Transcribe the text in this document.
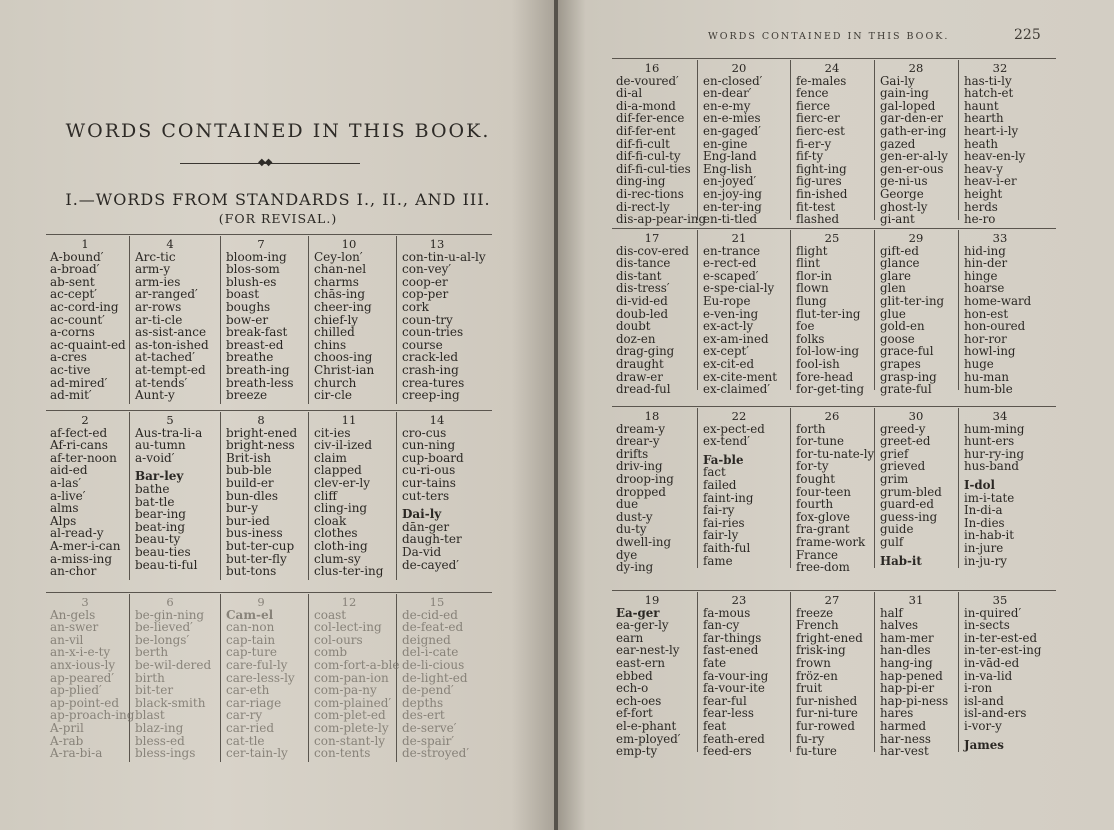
WORDS CONTAINED IN THIS BOOK.
◆◆
I.—WORDS FROM STANDARDS I., II., AND III.
(FOR REVISAL.)
1
A-bound′
a-broad′
ab-sent
ac-cept′
ac-cord-ing
ac-count′
a-corns
ac-quaint-ed
a-cres
ac-tive
ad-mired′
ad-mit′
4
Arc-tic
arm-y
arm-ies
ar-ranged′
ar-rows
ar-ti-cle
as-sist-ance
as-ton-ished
at-tached′
at-tempt-ed
at-tends′
Aunt-y
7
bloom-ing
blos-som
blush-es
boast
boughs
bow-er
break-fast
breast-ed
breathe
breath-ing
breath-less
breeze
10
Cey-lon′
chan-nel
charms
chās-ing
cheer-ing
chief-ly
chilled
chins
choos-ing
Christ-ian
church
cir-cle
13
con-tin-u-al-ly
con-vey′
coop-er
cop-per
cork
coun-try
coun-tries
course
crack-led
crash-ing
crea-tures
creep-ing
2
af-fect-ed
Af-ri-cans
af-ter-noon
aid-ed
a-las′
a-live′
alms
Alps
al-read-y
A-mer-i-can
a-miss-ing
an-chor
5
Aus-tra-li-a
au-tumn
a-void′
Bar-ley
bathe
bat-tle
bear-ing
beat-ing
beau-ty
beau-ties
beau-ti-ful
8
bright-ened
bright-ness
Brit-ish
bub-ble
build-er
bun-dles
bur-y
bur-ied
bus-iness
but-ter-cup
but-ter-fly
but-tons
11
cit-ies
civ-il-ized
claim
clapped
clev-er-ly
cliff
cling-ing
cloak
clothes
cloth-ing
clum-sy
clus-ter-ing
14
cro-cus
cun-ning
cup-board
cu-ri-ous
cur-tains
cut-ters
Dai-ly
dān-ger
daugh-ter
Da-vid
de-cayed′
3
An-gels
an-swer
an-vil
an-x-i-e-ty
anx-ious-ly
ap-peared′
ap-plied′
ap-point-ed
ap-proach-ing
A-pril
A-rab
A-ra-bi-a
6
be-gin-ning
be-lieved′
be-longs′
berth
be-wil-dered
birth
bit-ter
black-smith
blast
blaz-ing
bless-ed
bless-ings
9
Cam-el
can-non
cap-tain
cap-ture
care-ful-ly
care-less-ly
car-eth
car-riage
car-ry
car-ried
cat-tle
cer-tain-ly
12
coast
col-lect-ing
col-ours
comb
com-fort-a-ble
com-pan-ion
com-pa-ny
com-plained′
com-plet-ed
com-plete-ly
con-stant-ly
con-tents
15
de-cid-ed
de-feat-ed
deigned
del-i-cate
de-li-cious
de-light-ed
de-pend′
depths
des-ert
de-serve′
de-spair′
de-stroyed′
WORDS CONTAINED IN THIS BOOK.	225
16
de-voured′
di-al
di-a-mond
dif-fer-ence
dif-fer-ent
dif-fi-cult
dif-fi-cul-ty
dif-fi-cul-ties
ding-ing
di-rec-tions
di-rect-ly
dis-ap-pear-ing
20
en-closed′
en-dear′
en-e-my
en-e-mies
en-gaged′
en-gine
Eng-land
Eng-lish
en-joyed′
en-joy-ing
en-ter-ing
en-ti-tled
24
fe-males
fence
fierce
fierc-er
fierc-est
fi-er-y
fif-ty
fight-ing
fig-ures
fin-ished
fit-test
flashed
28
Gai-ly
gain-ing
gal-loped
gar-den-er
gath-er-ing
gazed
gen-er-al-ly
gen-er-ous
ge-ni-us
George
ghost-ly
gi-ant
32
has-ti-ly
hatch-et
haunt
hearth
heart-i-ly
heath
heav-en-ly
heav-y
heav-i-er
height
herds
he-ro
17
dis-cov-ered
dis-tance
dis-tant
dis-tress′
di-vid-ed
doub-led
doubt
doz-en
drag-ging
draught
draw-er
dread-ful
21
en-trance
e-rect-ed
e-scaped′
e-spe-cial-ly
Eu-rope
e-ven-ing
ex-act-ly
ex-am-ined
ex-cept′
ex-cit-ed
ex-cite-ment
ex-claimed′
25
flight
flint
flor-in
flown
flung
flut-ter-ing
foe
folks
fol-low-ing
fool-ish
fore-head
for-get-ting
29
gift-ed
glance
glare
glen
glit-ter-ing
glue
gold-en
goose
grace-ful
grapes
grasp-ing
grate-ful
33
hid-ing
hin-der
hinge
hoarse
home-ward
hon-est
hon-oured
hor-ror
howl-ing
huge
hu-man
hum-ble
18
dream-y
drear-y
drifts
driv-ing
droop-ing
dropped
due
dust-y
du-ty
dwell-ing
dye
dy-ing
22
ex-pect-ed
ex-tend′
Fa-ble
fact
failed
faint-ing
fai-ry
fai-ries
fair-ly
faith-ful
fame
26
forth
for-tune
for-tu-nate-ly
for-ty
fought
four-teen
fourth
fox-glove
fra-grant
frame-work
France
free-dom
30
greed-y
greet-ed
grief
grieved
grim
grum-bled
guard-ed
guess-ing
guide
gulf
Hab-it
34
hum-ming
hunt-ers
hur-ry-ing
hus-band
I-dol
im-i-tate
In-di-a
In-dies
in-hab-it
in-jure
in-ju-ry
19
Ea-ger
ea-ger-ly
earn
ear-nest-ly
east-ern
ebbed
ech-o
ech-oes
ef-fort
el-e-phant
em-ployed′
emp-ty
23
fa-mous
fan-cy
far-things
fast-ened
fate
fa-vour-ing
fa-vour-ite
fear-ful
fear-less
feat
feath-ered
feed-ers
27
freeze
French
fright-ened
frisk-ing
frown
fröz-en
fruit
fur-nished
fur-ni-ture
fur-rowed
fu-ry
fu-ture
31
half
halves
ham-mer
han-dles
hang-ing
hap-pened
hap-pi-er
hap-pi-ness
hares
harmed
har-ness
har-vest
35
in-quired′
in-sects
in-ter-est-ed
in-ter-est-ing
in-vād-ed
in-va-lid
i-ron
isl-and
isl-and-ers
i-vor-y
James
